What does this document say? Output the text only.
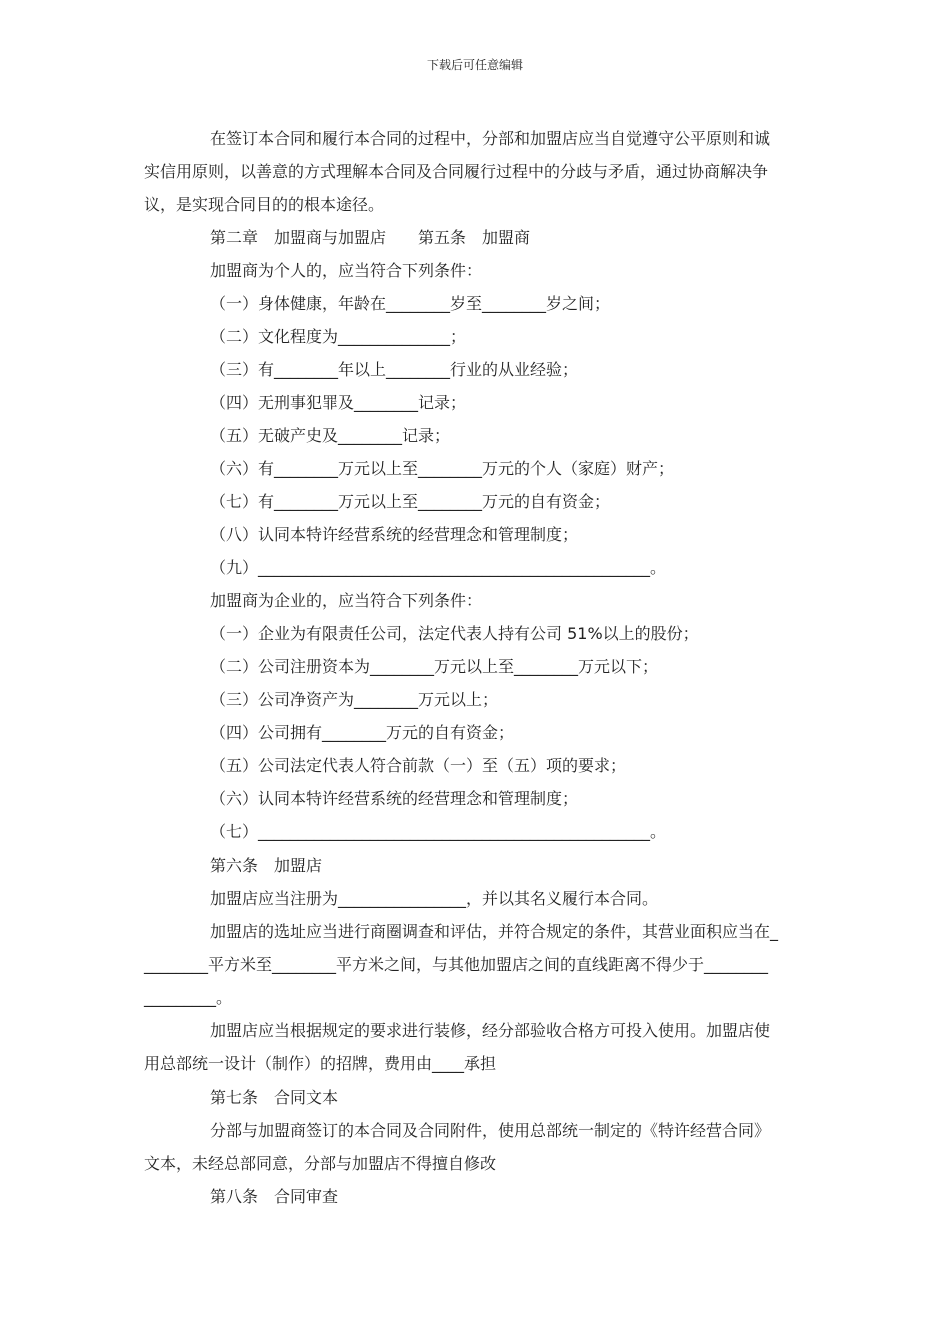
下载后可任意编辑
在签订本合同和履行本合同的过程中，分部和加盟店应当自觉遵守公平原则和诚
实信用原则，以善意的方式理解本合同及合同履行过程中的分歧与矛盾，通过协商解决争
议，是实现合同目的的根本途径。
第二章　加盟商与加盟店　　第五条　加盟商
加盟商为个人的，应当符合下列条件：
（一）身体健康，年龄在________岁至________岁之间；
（二）文化程度为______________；
（三）有________年以上________行业的从业经验；
（四）无刑事犯罪及________记录；
（五）无破产史及________记录；
（六）有________万元以上至________万元的个人（家庭）财产；
（七）有________万元以上至________万元的自有资金；
（八）认同本特许经营系统的经营理念和管理制度；
（九）_________________________________________________。
加盟商为企业的，应当符合下列条件：
（一）企业为有限责任公司，法定代表人持有公司 51%以上的股份；
（二）公司注册资本为________万元以上至________万元以下；
（三）公司净资产为________万元以上；
（四）公司拥有________万元的自有资金；
（五）公司法定代表人符合前款（一）至（五）项的要求；
（六）认同本特许经营系统的经营理念和管理制度；
（七）_________________________________________________。
第六条　加盟店
加盟店应当注册为________________，并以其名义履行本合同。
加盟店的选址应当进行商圈调查和评估，并符合规定的条件，其营业面积应当在_
________平方米至________平方米之间，与其他加盟店之间的直线距离不得少于________
_________。
加盟店应当根据规定的要求进行装修，经分部验收合格方可投入使用。加盟店使
用总部统一设计（制作）的招牌，费用由____承担
第七条　合同文本
分部与加盟商签订的本合同及合同附件，使用总部统一制定的《特许经营合同》
文本，未经总部同意，分部与加盟店不得擅自修改
第八条　合同审查
